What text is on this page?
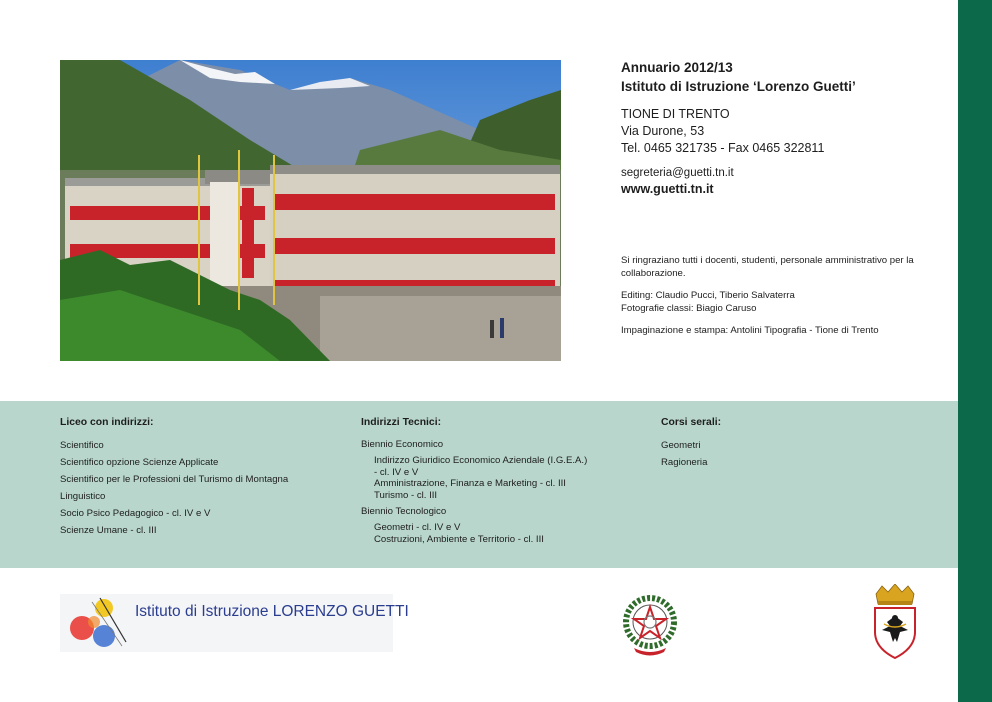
Annuario 2012/13
Istituto di Istruzione ‘Lorenzo Guetti’
TIONE DI TRENTO
Via Durone, 53
Tel. 0465 321735 - Fax 0465 322811
segreteria@guetti.tn.it
www.guetti.tn.it

Si ringraziano tutti i docenti, studenti, personale amministrativo per la collaborazione.

Editing: Claudio Pucci, Tiberio Salvaterra
Fotografie classi: Biagio Caruso

Impaginazione e stampa: Antolini Tipografia - Tione di Trento

Liceo con indirizzi:
Scientifico
Scientifico opzione Scienze Applicate
Scientifico per le Professioni del Turismo di Montagna
Linguistico
Socio Psico Pedagogico - cl. IV e V
Scienze Umane - cl. III
Indirizzi Tecnici:
Biennio Economico
Indirizzo Giuridico Economico Aziendale (I.G.E.A.)
- cl. IV e V
Amministrazione, Finanza e Marketing - cl. III
Turismo - cl. III
Biennio Tecnologico
Geometri - cl. IV e V
Costruzioni, Ambiente e Territorio - cl. III
Corsi serali:
Geometri
Ragioneria
Istituto di Istruzione LORENZO GUETTI
